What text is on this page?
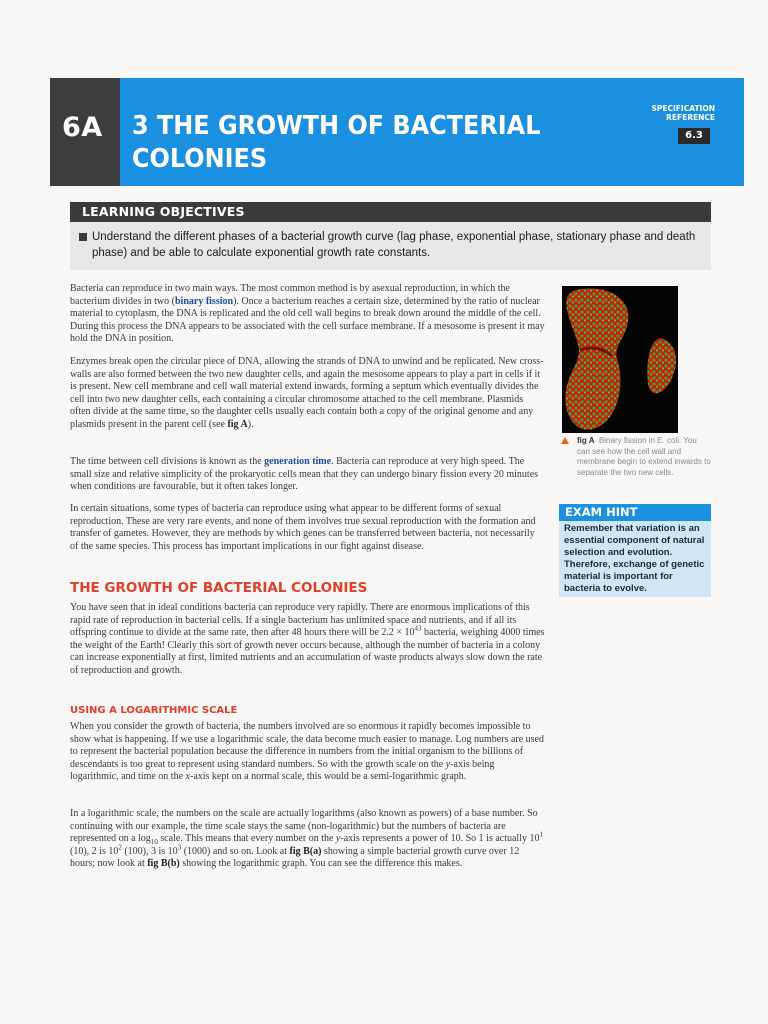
6A 3 THE GROWTH OF BACTERIAL
COLONIES
SPECIFICATION
REFERENCE
6.3
LEARNING OBJECTIVES
Understand the different phases of a bacterial growth curve (lag phase, exponential phase, stationary phase and death phase) and be able to calculate exponential growth rate constants.
Bacteria can reproduce in two main ways. The most common method is by asexual reproduction, in which the bacterium divides in two (binary fission). Once a bacterium reaches a certain size, determined by the ratio of nuclear material to cytoplasm, the DNA is replicated and the old cell wall begins to break down around the middle of the cell. During this process the DNA appears to be associated with the cell surface membrane. If a mesosome is present it may hold the DNA in position.
Enzymes break open the circular piece of DNA, allowing the strands of DNA to unwind and be replicated. New cross-walls are also formed between the two new daughter cells, and again the mesosome appears to play a part in cells if it is present. New cell membrane and cell wall material extend inwards, forming a septum which eventually divides the cell into two new daughter cells, each containing a circular chromosome attached to the cell membrane. Plasmids often divide at the same time, so the daughter cells usually each contain both a copy of the original genome and any plasmids present in the parent cell (see fig A).
The time between cell divisions is known as the generation time. Bacteria can reproduce at very high speed. The small size and relative simplicity of the prokaryotic cells mean that they can undergo binary fission every 20 minutes when conditions are favourable, but it often takes longer.
In certain situations, some types of bacteria can reproduce using what appear to be different forms of sexual reproduction. These are very rare events, and none of them involves true sexual reproduction with the formation and transfer of gametes. However, they are methods by which genes can be transferred between bacteria, not necessarily of the same species. This process has important implications in our fight against disease.
THE GROWTH OF BACTERIAL COLONIES
You have seen that in ideal conditions bacteria can reproduce very rapidly. There are enormous implications of this rapid rate of reproduction in bacterial cells. If a single bacterium has unlimited space and nutrients, and if all its offspring continue to divide at the same rate, then after 48 hours there will be $2.2 \times 10^{43}$ bacteria, weighing 4000 times the weight of the Earth! Clearly this sort of growth never occurs because, although the number of bacteria in a colony can increase exponentially at first, limited nutrients and an accumulation of waste products always slow down the rate of reproduction and growth.
USING A LOGARITHMIC SCALE
When you consider the growth of bacteria, the numbers involved are so enormous it rapidly becomes impossible to show what is happening. If we use a logarithmic scale, the data become much easier to manage. Log numbers are used to represent the bacterial population because the difference in numbers from the initial organism to the billions of descendants is too great to represent using standard numbers. So with the growth scale on the y-axis being logarithmic, and time on the x-axis kept on a normal scale, this would be a semi-logarithmic graph.
In a logarithmic scale, the numbers on the scale are actually logarithms (also known as powers) of a base number. So continuing with our example, the time scale stays the same (non-logarithmic) but the numbers of bacteria are represented on a $\log_{10}$ scale. This means that every number on the y-axis represents a power of 10. So 1 is actually $10^1$ (10), 2 is $10^2$ (100), 3 is $10^3$ (1000) and so on. Look at fig B(a) showing a simple bacterial growth curve over 12 hours; now look at fig B(b) showing the logarithmic graph. You can see the difference this makes.
fig A Binary fission in E. coli. You can see how the cell wall and membrane begin to extend inwards to separate the two new cells.
EXAM HINT
Remember that variation is an essential component of natural selection and evolution. Therefore, exchange of genetic material is important for bacteria to evolve.
